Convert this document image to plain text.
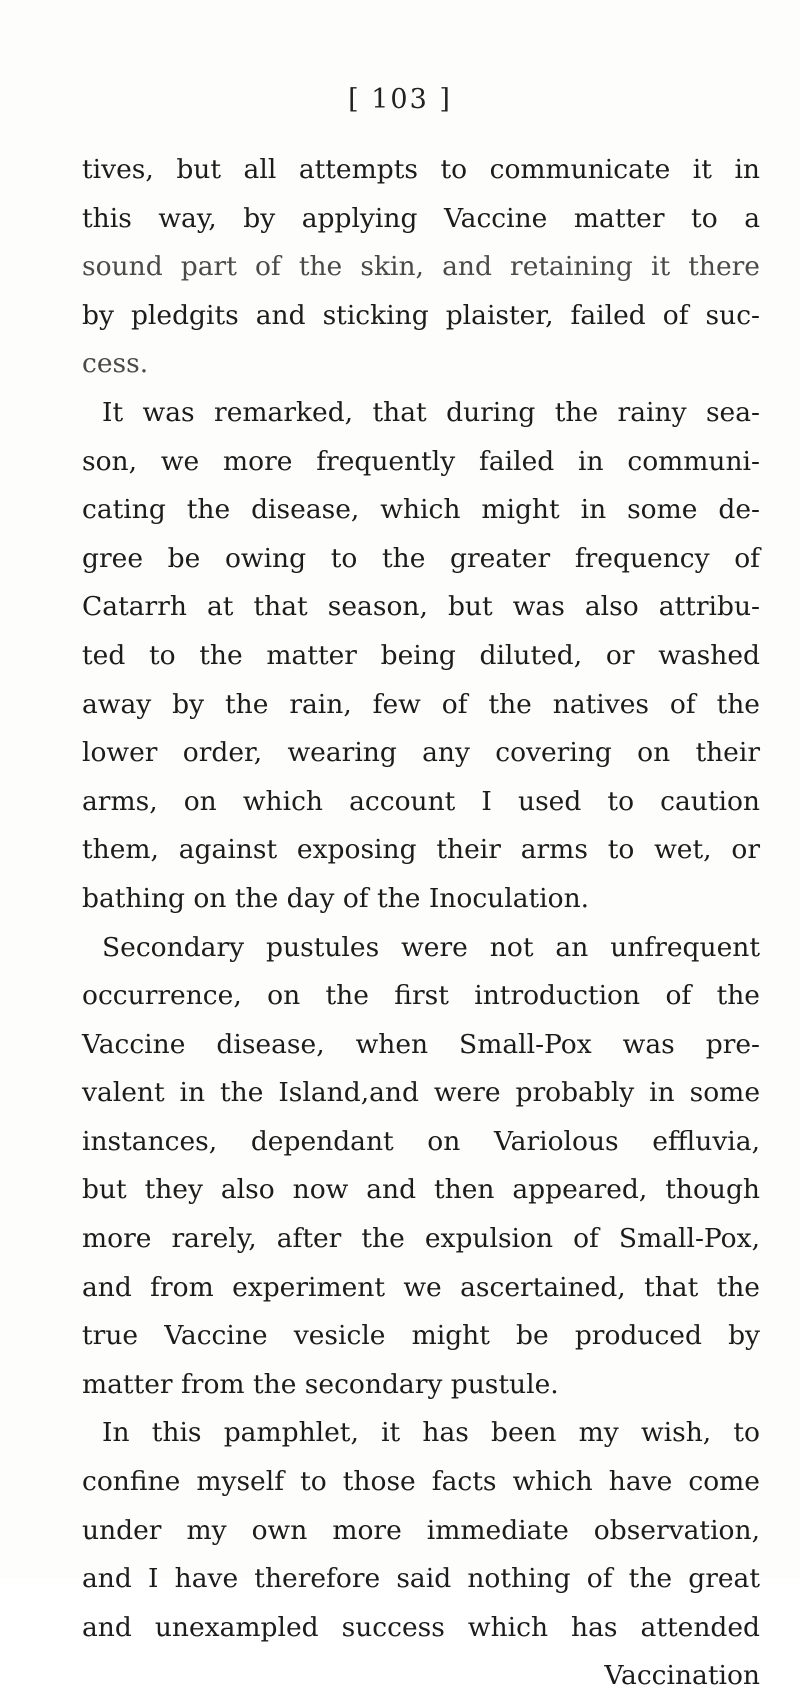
[ 103 ]
tives, but all attempts to communicate it in
this way, by applying Vaccine matter to a
sound part of the skin, and retaining it there
by pledgits and sticking plaister, failed of suc-
cess.
It was remarked, that during the rainy sea-
son, we more frequently failed in communi-
cating the disease, which might in some de-
gree be owing to the greater frequency of
Catarrh at that season, but was also attribu-
ted to the matter being diluted, or washed
away by the rain, few of the natives of the
lower order, wearing any covering on their
arms, on which account I used to caution
them, against exposing their arms to wet, or
bathing on the day of the Inoculation.
Secondary pustules were not an unfrequent
occurrence, on the first introduction of the
Vaccine disease, when Small-Pox was pre-
valent in the Island,and were probably in some
instances, dependant on Variolous effluvia,
but they also now and then appeared, though
more rarely, after the expulsion of Small-Pox,
and from experiment we ascertained, that the
true Vaccine vesicle might be produced by
matter from the secondary pustule.
In this pamphlet, it has been my wish, to
confine myself to those facts which have come
under my own more immediate observation,
and I have therefore said nothing of the great
and unexampled success which has attended
Vaccination
